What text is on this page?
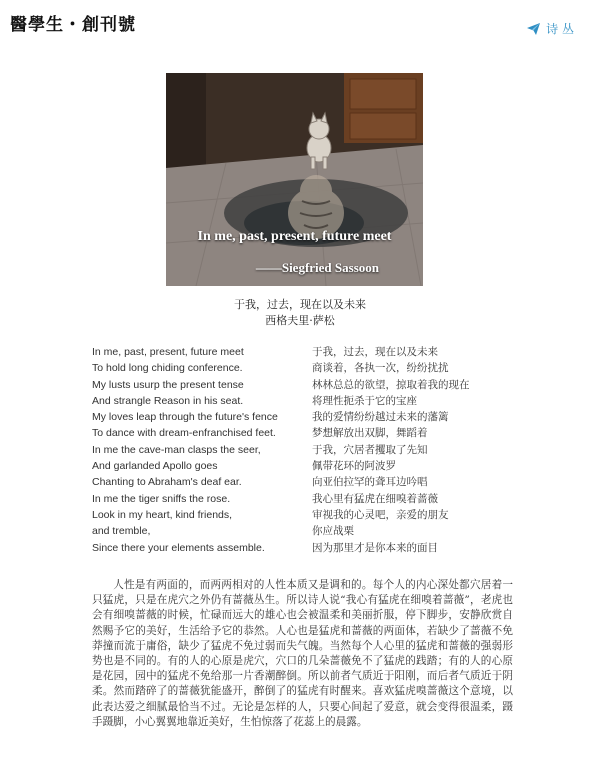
醫學生・創刊號	诗 丛
In me, past, present, future meet
——Siegfried Sassoon
于我，过去，现在以及未来
西格夫里·萨松
In me, past, present, future meet
To hold long chiding conference.
My lusts usurp the present tense
And strangle Reason in his seat.
My loves leap through the future's fence
To dance with dream-enfranchised feet.
In me the cave-man clasps the seer,
And garlanded Apollo goes
Chanting to Abraham's deaf ear.
In me the tiger sniffs the rose.
Look in my heart, kind friends,
and tremble,
Since there your elements assemble.
于我，过去，现在以及未来
商谈着，各执一次，纷纷扰扰
林林总总的欲望，掠取着我的现在
将理性扼杀于它的宝座
我的爱情纷纷越过未来的藩篱
梦想解放出双脚，舞蹈着
于我，穴居者攫取了先知
佩带花环的阿波罗
向亚伯拉罕的聋耳边吟唱
我心里有猛虎在细嗅着蔷薇
审视我的心灵吧，亲爱的朋友
你应战栗
因为那里才是你本来的面目
人性是有两面的，而两两相对的人性本质又是调和的。每个人的内心深处都穴居着一只猛虎，只是在虎穴之外仍有蔷薇丛生。所以诗人说“我心有猛虎在细嗅着蔷薇”，老虎也会有细嗅蔷薇的时候，忙碌而远大的雄心也会被温柔和美丽折服，停下脚步，安静欣赏自然赐予它的美好，生活给予它的恭然。人心也是猛虎和蔷薇的两面体，若缺少了蔷薇不免莽撞而流于庸俗，缺少了猛虎不免过弱而失气魄。当然每个人心里的猛虎和蔷薇的强弱形势也是不同的。有的人的心原是虎穴，穴口的几朵蔷薇免不了猛虎的践踏；有的人的心原是花园，园中的猛虎不免给那一片香潮醉倒。所以前者气质近于阳刚，而后者气质近于阴柔。然而踏碎了的蔷薇犹能盛开，醉倒了的猛虎有时醒来。喜欢猛虎嗅蔷薇这个意境，以此表达爱之细腻最恰当不过。无论是怎样的人，只要心间起了爱意，就会变得很温柔，蹑手蹑脚，小心翼翼地靠近美好，生怕惊落了花蕊上的晨露。
